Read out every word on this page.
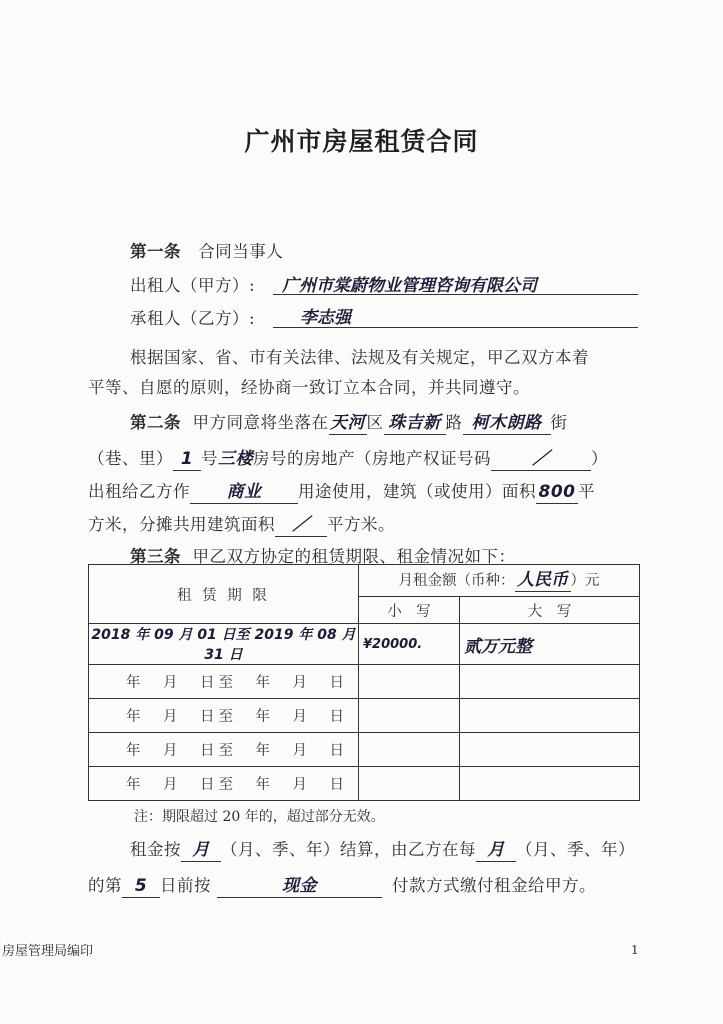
广州市房屋租赁合同
第一条 合同当事人
出租人（甲方）: 广州市棠蔚物业管理咨询有限公司
承租人（乙方）:	李志强
根据国家、省、市有关法律、法规及有关规定，甲乙双方本着
平等、自愿的原则，经协商一致订立本合同，并共同遵守。
第二条 甲方同意将坐落在天河区 珠吉新 路 柯木朗路 街
（巷、里） 1 号三楼房号的房地产（房地产权证号码 ／	）
出租给乙方作 商业 用途使用，建筑（或使用）面积 800 平
方米，分摊共用建筑面积 ／ 平方米。
第三条 甲乙双方协定的租赁期限、租金情况如下：
租 赁 期 限	月租金额（币种： 人民币 ）元	
	小　写	大　写
2018 年 09 月 01 日至 2019 年 08 月 31 日	¥20000.	贰万元整
年　月　日至　年　月　日		
年　月　日至　年　月　日		
年　月　日至　年　月　日		
年　月　日至　年　月　日		
注：期限超过 20 年的，超过部分无效。
租金按 月 （月、季、年）结算，由乙方在每 月 （月、季、年）
的第 5 日前按	现金	付款方式缴付租金给甲方。
房屋管理局编印	1
